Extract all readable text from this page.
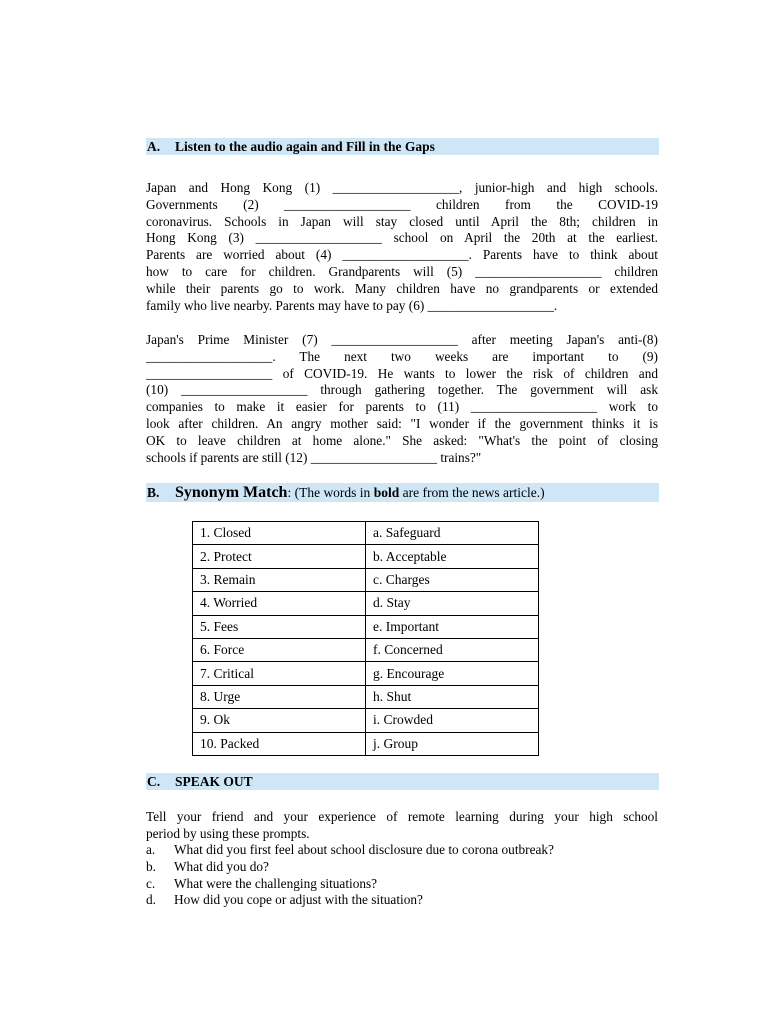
A. Listen to the audio again and Fill in the Gaps
Japan and Hong Kong (1) ___________________, junior-high and high schools.
Governments (2) ___________________ children from the COVID-19
coronavirus. Schools in Japan will stay closed until April the 8th; children in
Hong Kong (3) ___________________ school on April the 20th at the earliest.
Parents are worried about (4) ___________________. Parents have to think about
how to care for children. Grandparents will (5) ___________________ children
while their parents go to work. Many children have no grandparents or extended
family who live nearby. Parents may have to pay (6) ___________________.
Japan's Prime Minister (7) ___________________ after meeting Japan's anti-(8)
___________________. The next two weeks are important to (9)
___________________ of COVID-19. He wants to lower the risk of children and
(10) ___________________ through gathering together. The government will ask
companies to make it easier for parents to (11) ___________________ work to
look after children. An angry mother said: "I wonder if the government thinks it is
OK to leave children at home alone." She asked: "What's the point of closing
schools if parents are still (12) ___________________ trains?"
B. Synonym Match: (The words in bold are from the news article.)
1. Closed	a. Safeguard
2. Protect	b. Acceptable
3. Remain	c. Charges
4. Worried	d. Stay
5. Fees	e. Important
6. Force	f. Concerned
7. Critical	g. Encourage
8. Urge	h. Shut
9. Ok	i. Crowded
10. Packed	j. Group
C. SPEAK OUT
Tell your friend and your experience of remote learning during your high school
period by using these prompts.
a. What did you first feel about school disclosure due to corona outbreak?
b. What did you do?
c. What were the challenging situations?
d. How did you cope or adjust with the situation?
